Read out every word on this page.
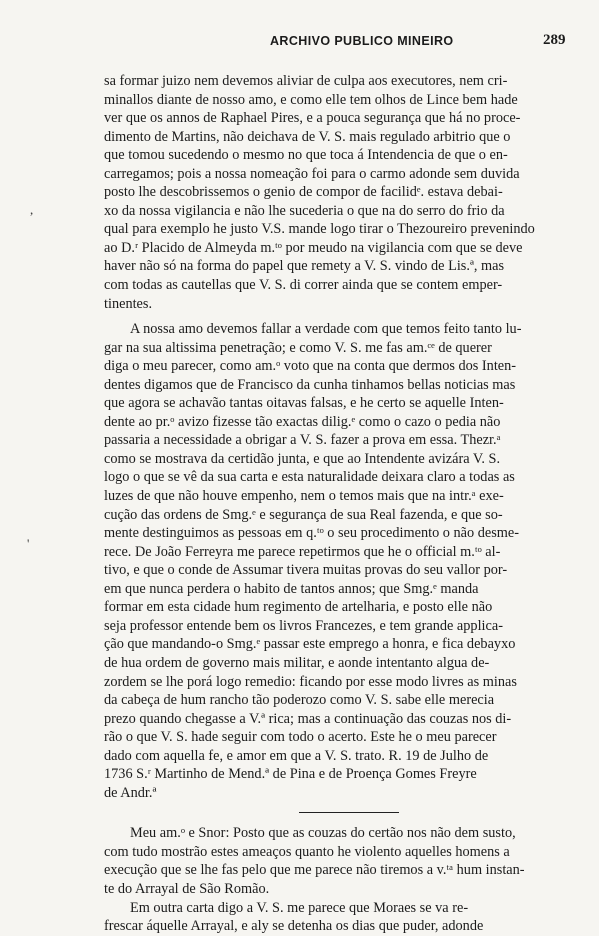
ARCHIVO PUBLICO MINEIRO	289
,
'
sa formar juizo nem devemos aliviar de culpa aos executores, nem cri-
minallos diante de nosso amo, e como elle tem olhos de Lince bem hade
ver que os annos de Raphael Pires, e a pouca segurança que há no proce-
dimento de Martins, não deichava de V. S. mais regulado arbitrio que o
que tomou sucedendo o mesmo no que toca á Intendencia de que o en-
carregamos; pois a nossa nomeação foi para o carmo adonde sem duvida
posto lhe descobrissemos o genio de compor de facilidᵉ. estava debai-
xo da nossa vigilancia e não lhe sucederia o que na do serro do frio da
qual para exemplo he justo V.S. mande logo tirar o Thezoureiro prevenindo
ao D.ʳ Placido de Almeyda m.ᵗᵒ por meudo na vigilancia com que se deve
haver não só na forma do papel que remety a V. S. vindo de Lis.ª, mas
com todas as cautellas que V. S. di correr ainda que se contem emper-
tinentes.
A nossa amo devemos fallar a verdade com que temos feito tanto lu-
gar na sua altissima penetração; e como V. S. me fas am.ᶜᵉ de querer
diga o meu parecer, como am.ᵒ voto que na conta que dermos dos Inten-
dentes digamos que de Francisco da cunha tinhamos bellas noticias mas
que agora se achavão tantas oitavas falsas, e he certo se aquelle Inten-
dente ao pr.ᵒ avizo fizesse tão exactas dilig.ᵉ como o cazo o pedia não
passaria a necessidade a obrigar a V. S. fazer a prova em essa. Thezr.ᵃ
como se mostrava da certidão junta, e que ao Intendente avizára V. S.
logo o que se vê da sua carta e esta naturalidade deixara claro a todas as
luzes de que não houve empenho, nem o temos mais que na intr.ᵃ exe-
cução das ordens de Smg.ᵉ e segurança de sua Real fazenda, e que so-
mente destinguimos as pessoas em q.ᵗᵒ o seu procedimento o não desme-
rece. De João Ferreyra me parece repetirmos que he o official m.ᵗᵒ al-
tivo, e que o conde de Assumar tivera muitas provas do seu vallor por-
em que nunca perdera o habito de tantos annos; que Smg.ᵉ manda
formar em esta cidade hum regimento de artelharia, e posto elle não
seja professor entende bem os livros Francezes, e tem grande applica-
ção que mandando-o Smg.ᵉ passar este emprego a honra, e fica debayxo
de hua ordem de governo mais militar, e aonde intentanto algua de-
zordem se lhe porá logo remedio: ficando por esse modo livres as minas
da cabeça de hum rancho tão poderozo como V. S. sabe elle merecia
prezo quando chegasse a V.ª rica; mas a continuação das couzas nos di-
rão o que V. S. hade seguir com todo o acerto. Este he o meu parecer
dado com aquella fe, e amor em que a V. S. trato. R. 19 de Julho de
1736 S.ʳ Martinho de Mend.ª de Pina e de Proença Gomes Freyre
de Andr.ª
Meu am.ᵒ e Snor: Posto que as couzas do certão nos não dem susto,
com tudo mostrão estes ameaços quanto he violento aquelles homens a
execução que se lhe fas pelo que me parece não tiremos a v.ᵗᵃ hum instan-
te do Arrayal de São Romão.
Em outra carta digo a V. S. me parece que Moraes se va re-
frescar áquelle Arrayal, e aly se detenha os dias que puder, adonde
